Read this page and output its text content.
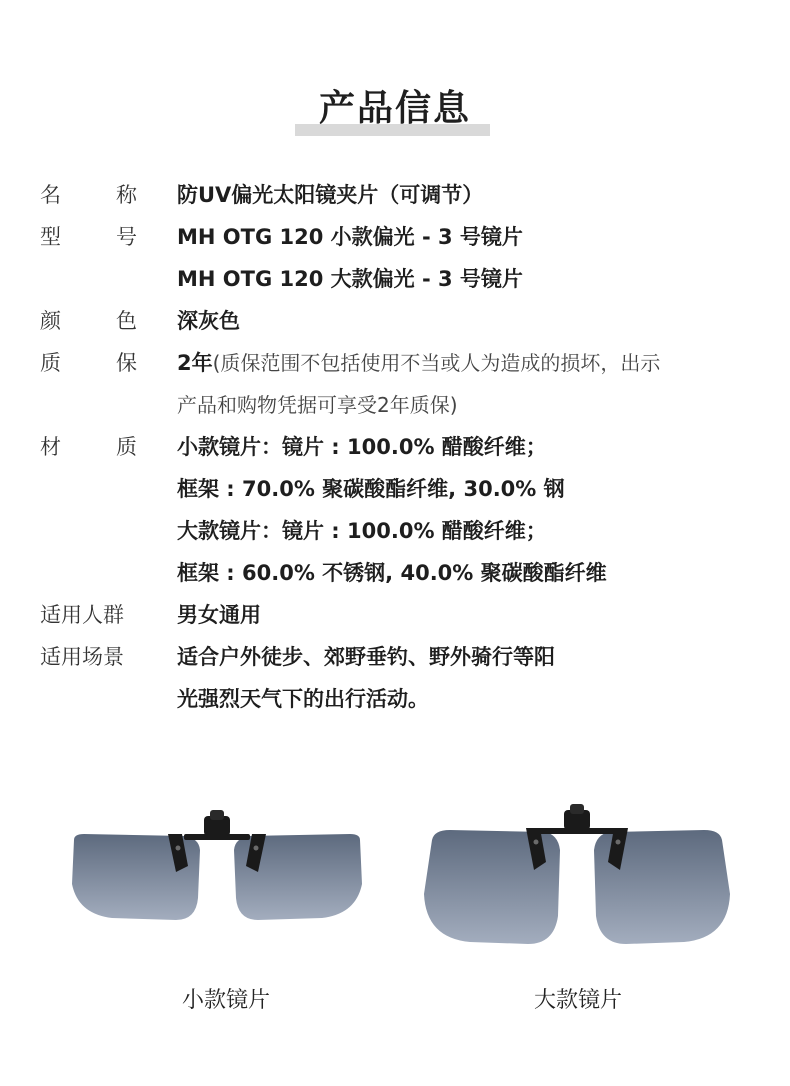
产品信息
名	称 防UV偏光太阳镜夹片（可调节）
型	号 MH OTG 120 小款偏光 - 3 号镜片
MH OTG 120 大款偏光 - 3 号镜片
颜	色 深灰色
质	保 2年(质保范围不包括使用不当或人为造成的损坏，出示
产品和购物凭据可享受2年质保)
材	质 小款镜片：镜片 : 100.0% 醋酸纤维；
框架 : 70.0% 聚碳酸酯纤维, 30.0% 钢
大款镜片：镜片 : 100.0% 醋酸纤维；
框架 : 60.0% 不锈钢, 40.0% 聚碳酸酯纤维
适用人群	男女通用
适用场景	适合户外徒步、郊野垂钓、野外骑行等阳
光强烈天气下的出行活动。
小款镜片	大款镜片
